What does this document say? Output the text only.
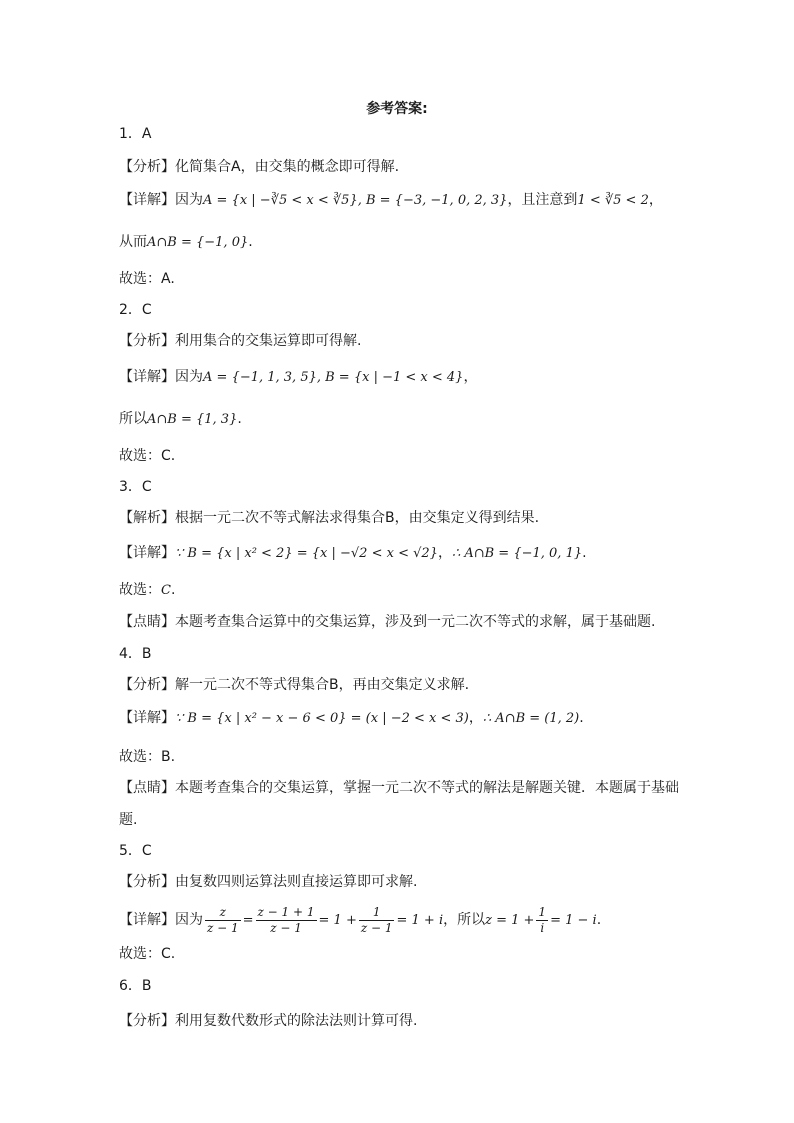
参考答案:
1．A
【分析】化简集合A，由交集的概念即可得解.
【详解】因为A = {x | −∛5 < x < ∛5}, B = {−3, −1, 0, 2, 3}，且注意到1 < ∛5 < 2，
从而A∩B = {−1, 0}.
故选：A.
2．C
【分析】利用集合的交集运算即可得解.
【详解】因为A = {−1, 1, 3, 5}, B = {x | −1 < x < 4}，
所以A∩B = {1, 3}.
故选：C.
3．C
【解析】根据一元二次不等式解法求得集合B，由交集定义得到结果.
【详解】∵ B = {x | x² < 2} = {x | −√2 < x < √2}，∴ A∩B = {−1, 0, 1}.
故选：C.
【点睛】本题考查集合运算中的交集运算，涉及到一元二次不等式的求解，属于基础题.
4．B
【分析】解一元二次不等式得集合B，再由交集定义求解.
【详解】∵ B = {x | x² − x − 6 < 0} = (x | −2 < x < 3)，∴ A∩B = (1, 2).
故选：B.
【点睛】本题考查集合的交集运算，掌握一元二次不等式的解法是解题关键．本题属于基础
题.
5．C
【分析】由复数四则运算法则直接运算即可求解.
【详解】因为 $\frac{z}{z - 1} = \frac{z - 1 + 1}{z - 1} = 1 + \frac{1}{z - 1} = 1 + i$，所以$z = 1 + \frac{1}{i} = 1 - i$.
故选：C.
6．B
【分析】利用复数代数形式的除法法则计算可得.
